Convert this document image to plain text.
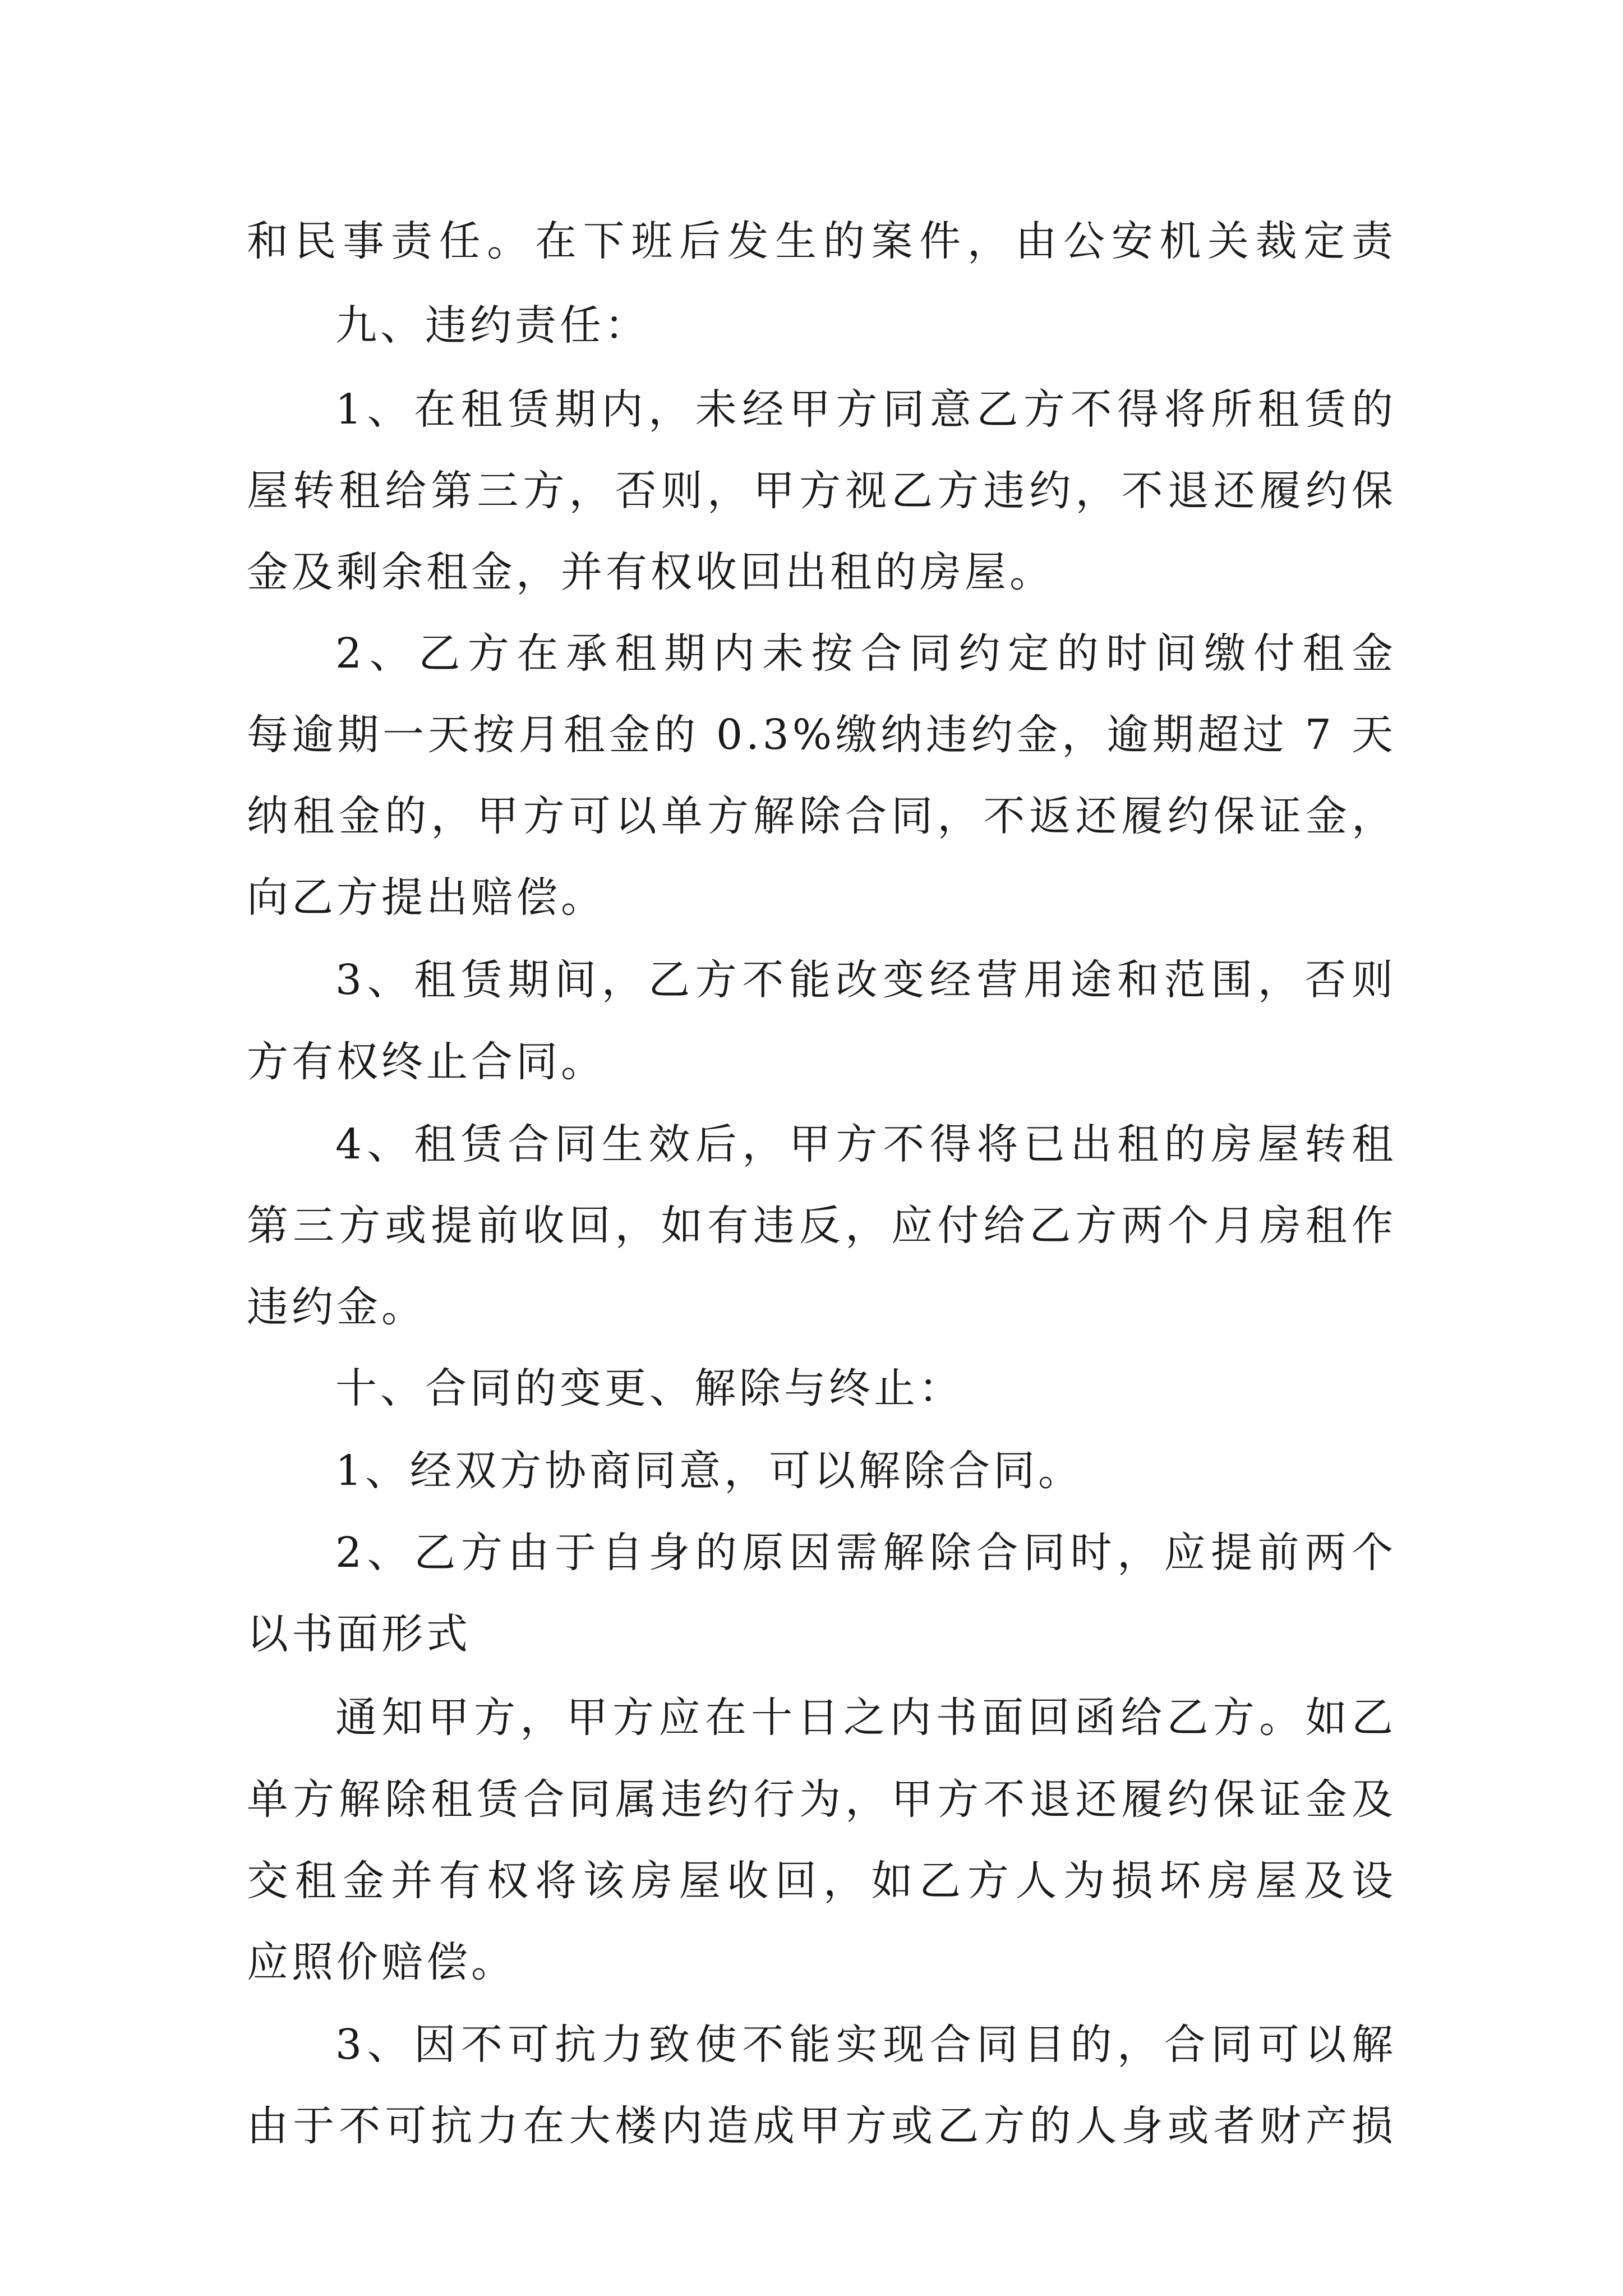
和民事责任。在下班后发生的案件，由公安机关裁定责

九、违约责任：

1、在租赁期内，未经甲方同意乙方不得将所租赁的

屋转租给第三方，否则，甲方视乙方违约，不退还履约保

金及剩余租金，并有权收回出租的房屋。

2、乙方在承租期内未按合同约定的时间缴付租金

每逾期一天按月租金的 0.3%缴纳违约金，逾期超过 7 天

纳租金的，甲方可以单方解除合同，不返还履约保证金，

向乙方提出赔偿。

3、租赁期间，乙方不能改变经营用途和范围，否则

方有权终止合同。

4、租赁合同生效后，甲方不得将已出租的房屋转租

第三方或提前收回，如有违反，应付给乙方两个月房租作

违约金。

十、合同的变更、解除与终止：

1、经双方协商同意，可以解除合同。

2、乙方由于自身的原因需解除合同时，应提前两个

以书面形式

通知甲方，甲方应在十日之内书面回函给乙方。如乙

单方解除租赁合同属违约行为，甲方不退还履约保证金及

交租金并有权将该房屋收回，如乙方人为损坏房屋及设

应照价赔偿。

3、因不可抗力致使不能实现合同目的，合同可以解

由于不可抗力在大楼内造成甲方或乙方的人身或者财产损
